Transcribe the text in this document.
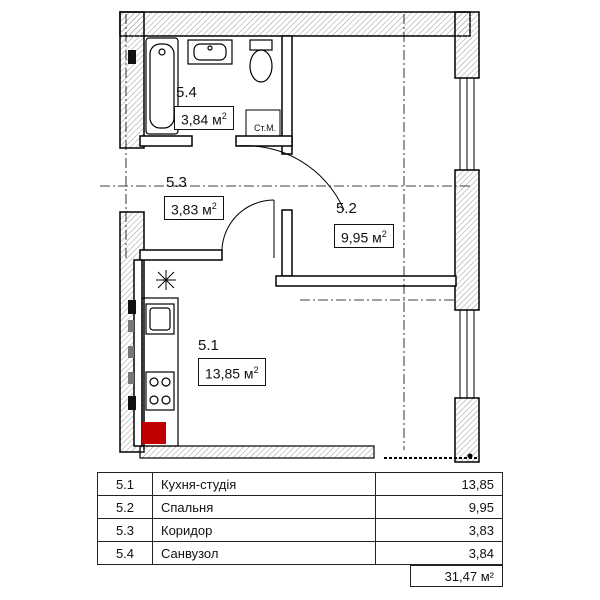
Ст.М.
5.4
5.3
5.2
5.1
3,84 $м^2$
3,83 $м^2$
9,95 $м^2$
13,85 $м^2$
5.1	Кухня-студія	13,85
5.2	Спальня	9,95
5.3	Коридор	3,83
5.4	Санвузол	3,84
31,47 м²
